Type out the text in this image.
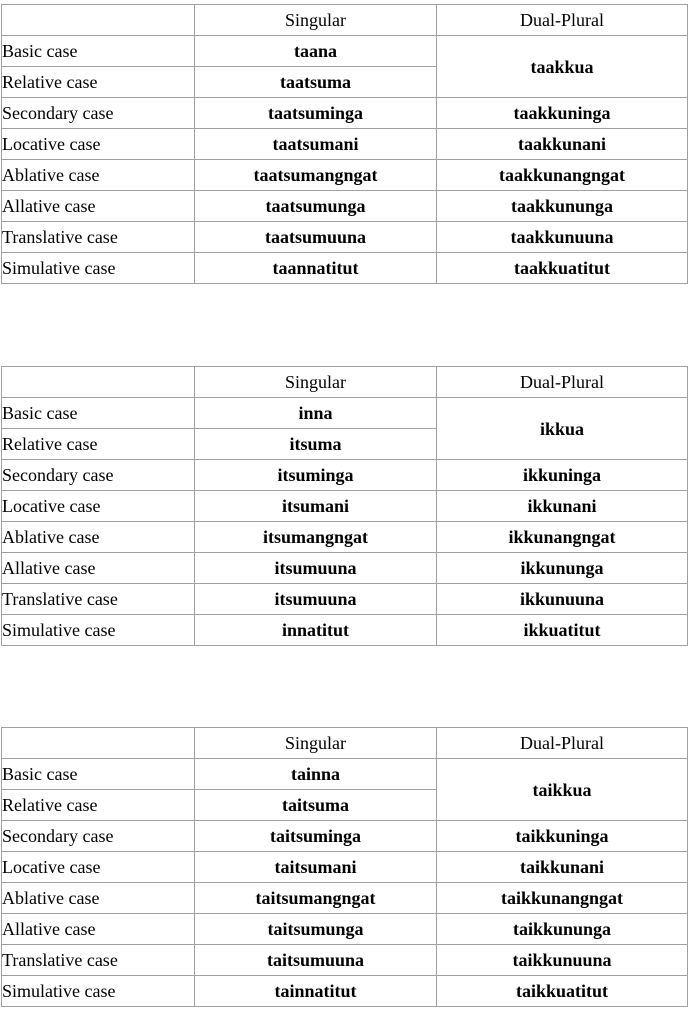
	Singular	Dual-Plural
Basic case	taana	taakkua
Relative case	taatsuma	
Secondary case	taatsuminga	taakkuninga
Locative case	taatsumani	taakkunani
Ablative case	taatsumangngat	taakkunangngat
Allative case	taatsumunga	taakkununga
Translative case	taatsumuuna	taakkunuuna
Simulative case	taannatitut	taakkuatitut
	Singular	Dual-Plural
Basic case	inna	ikkua
Relative case	itsuma	
Secondary case	itsuminga	ikkuninga
Locative case	itsumani	ikkunani
Ablative case	itsumangngat	ikkunangngat
Allative case	itsumuuna	ikkununga
Translative case	itsumuuna	ikkunuuna
Simulative case	innatitut	ikkuatitut
	Singular	Dual-Plural
Basic case	tainna	taikkua
Relative case	taitsuma	
Secondary case	taitsuminga	taikkuninga
Locative case	taitsumani	taikkunani
Ablative case	taitsumangngat	taikkunangngat
Allative case	taitsumunga	taikkununga
Translative case	taitsumuuna	taikkunuuna
Simulative case	tainnatitut	taikkuatitut
